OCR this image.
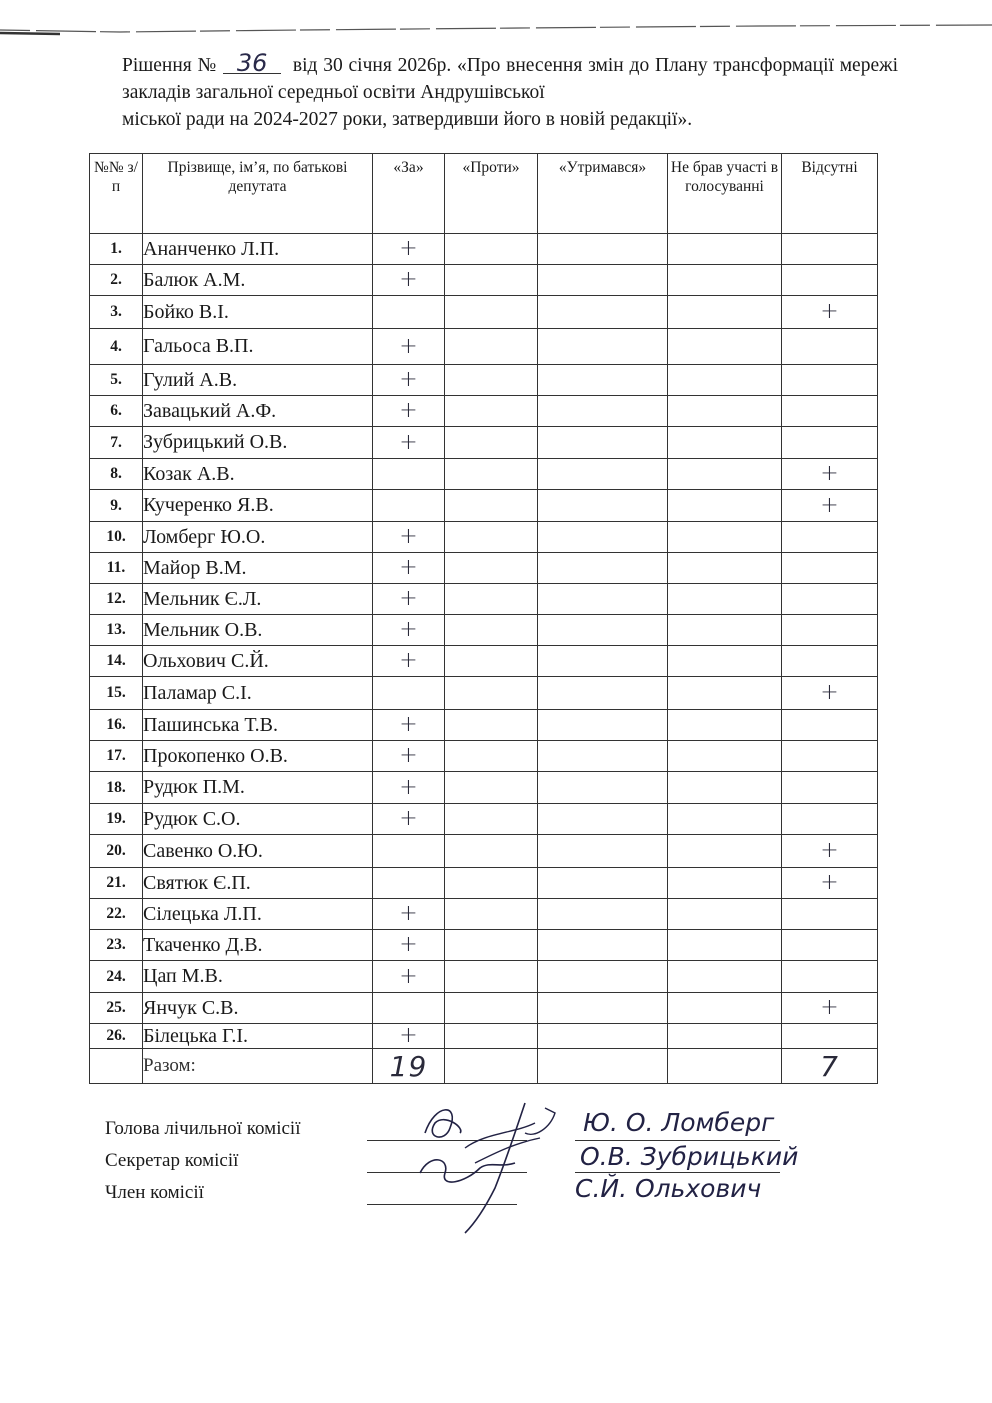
Рішення № 36 від 30 січня 2026р. «Про внесення змін до Плану трансформації мережі закладів загальної середньої освіти Андрушівської
міської ради на 2024-2027 роки, затвердивши його в новій редакції».
№№ з/п	Прізвище, ім’я, по батькові депутата	«За»	«Проти»	«Утримався»	Не брав участі в голосуванні	Відсутні
1.	Ананченко Л.П.	+				
2.	Балюк А.М.	+				
3.	Бойко В.І.					+
4.	Гальоса В.П.	+				
5.	Гулий А.В.	+				
6.	Завацький А.Ф.	+				
7.	Зубрицький О.В.	+				
8.	Козак А.В.					+
9.	Кучеренко Я.В.					+
10.	Ломберг Ю.О.	+				
11.	Майор В.М.	+				
12.	Мельник Є.Л.	+				
13.	Мельник О.В.	+				
14.	Ольхович С.Й.	+				
15.	Паламар С.І.					+
16.	Пашинська Т.В.	+				
17.	Прокопенко О.В.	+				
18.	Рудюк П.М.	+				
19.	Рудюк С.О.	+				
20.	Савенко О.Ю.					+
21.	Святюк Є.П.					+
22.	Сілецька Л.П.	+				
23.	Ткаченко Д.В.	+				
24.	Цап М.В.	+				
25.	Янчук С.В.					+
26.	Білецька Г.І.	+				
	Разом:	19				7
Голова лічильної комісії
Секретар комісії
Член комісії
Ю. О. Ломберг
О.В. Зубрицький
С.Й. Ольхович
